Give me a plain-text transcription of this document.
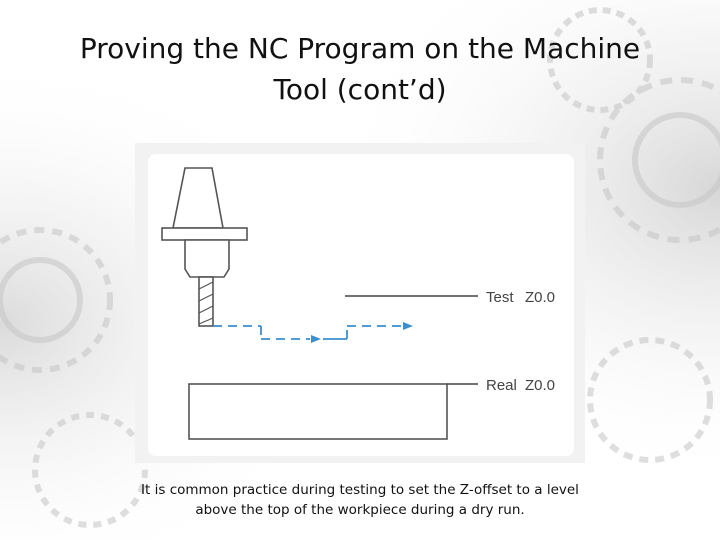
Proving the NC Program on the Machine
Tool (cont’d)
Test Z0.0
Real Z0.0
It is common practice during testing to set the Z-offset to a level
above the top of the workpiece during a dry run.
